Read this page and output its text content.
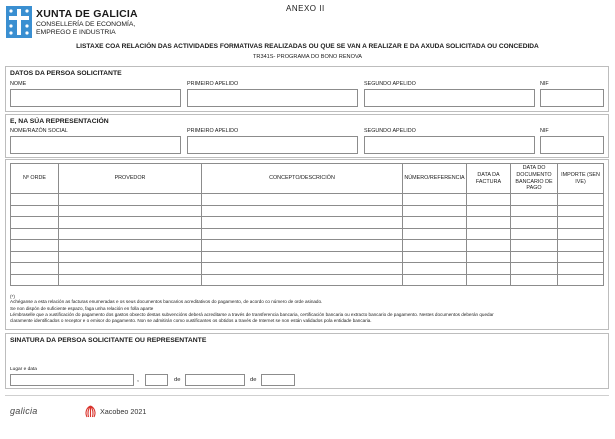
XUNTA DE GALICIA
CONSELLERÍA DE ECONOMÍA,
EMPREGO E INDUSTRIA
ANEXO II
LISTAXE COA RELACIÓN DAS ACTIVIDADES FORMATIVAS REALIZADAS OU QUE SE VAN A REALIZAR E DA AXUDA SOLICITADA OU CONCEDIDA
TR341S- PROGRAMA DO BONO RENOVA
DATOS DA PERSOA SOLICITANTE
NOME	PRIMEIRO APELIDO	SEGUNDO APELIDO	NIF
E, NA SÚA REPRESENTACIÓN
NOME/RAZÓN SOCIAL	PRIMEIRO APELIDO	SEGUNDO APELIDO	NIF
Nº ORDE	PROVEDOR	CONCEPTO/DESCRICIÓN	NÚMERO/REFERENCIA	DATA DA FACTURA	DATA DO DOCUMENTO BANCARIO DE PAGO	IMPORTE (SEN IVE)

(*)
Achéganse a esta relación as facturas enumeradas e os seus documentos bancarios acreditativos do pagamento, de acordo co número de orde asinado.
Se non dispón de suficiente espazo, faga unha relación en folla aparte
Lémbraselle que a xustificación do pagamento dos gastos obxecto destas subvencións deberá acreditarse a través de transferencia bancaria, certificación bancaria ou extracto bancario de pagamento. Nestes documentos deberán quedar
claramente identificados o receptor e o emisor do pagamento. Non se admitirán como xustificantes os obtidos a través de Internet se non están validados pola entidade bancaria.
SINATURA DA PERSOA SOLICITANTE OU REPRESENTANTE
Lugar e data
,	de	de
galicia	Xacobeo 2021
